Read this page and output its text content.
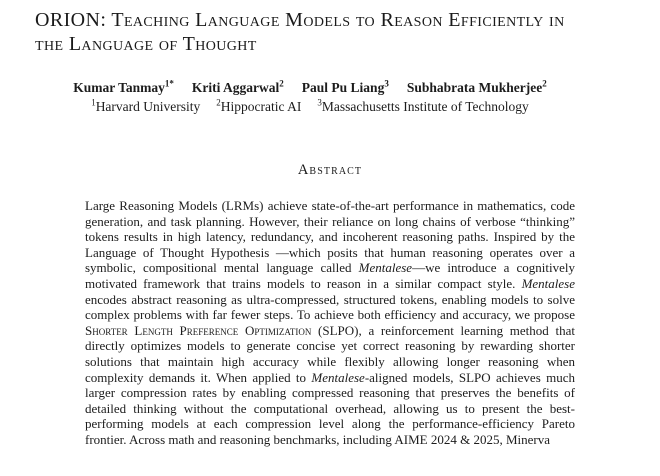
ORION: Teaching Language Models to Reason Efficiently in the Language of Thought
Kumar Tanmay$^{1*}$ Kriti Aggarwal$^2$ Paul Pu Liang$^3$ Subhabrata Mukherjee$^2$
$^1$Harvard University $^2$Hippocratic AI $^3$Massachusetts Institute of Technology
Abstract
Large Reasoning Models (LRMs) achieve state-of-the-art performance in mathematics, code generation, and task planning. However, their reliance on long chains of verbose “thinking” tokens results in high latency, redundancy, and incoherent reasoning paths. Inspired by the Language of Thought Hypothesis —which posits that human reasoning operates over a symbolic, compositional mental language called Mentalese—we introduce a cognitively motivated framework that trains models to reason in a similar compact style. Mentalese encodes abstract reasoning as ultra-compressed, structured tokens, enabling models to solve complex problems with far fewer steps. To achieve both efficiency and accuracy, we propose Shorter Length Preference Optimization (SLPO), a reinforcement learning method that directly optimizes models to generate concise yet correct reasoning by rewarding shorter solutions that maintain high accuracy while flexibly allowing longer reasoning when complexity demands it. When applied to Mentalese-aligned models, SLPO achieves much larger compression rates by enabling compressed reasoning that preserves the benefits of detailed thinking without the computational overhead, allowing us to present the best-performing models at each compression level along the performance-efficiency Pareto frontier. Across math and reasoning benchmarks, including AIME 2024 & 2025, Minerva
